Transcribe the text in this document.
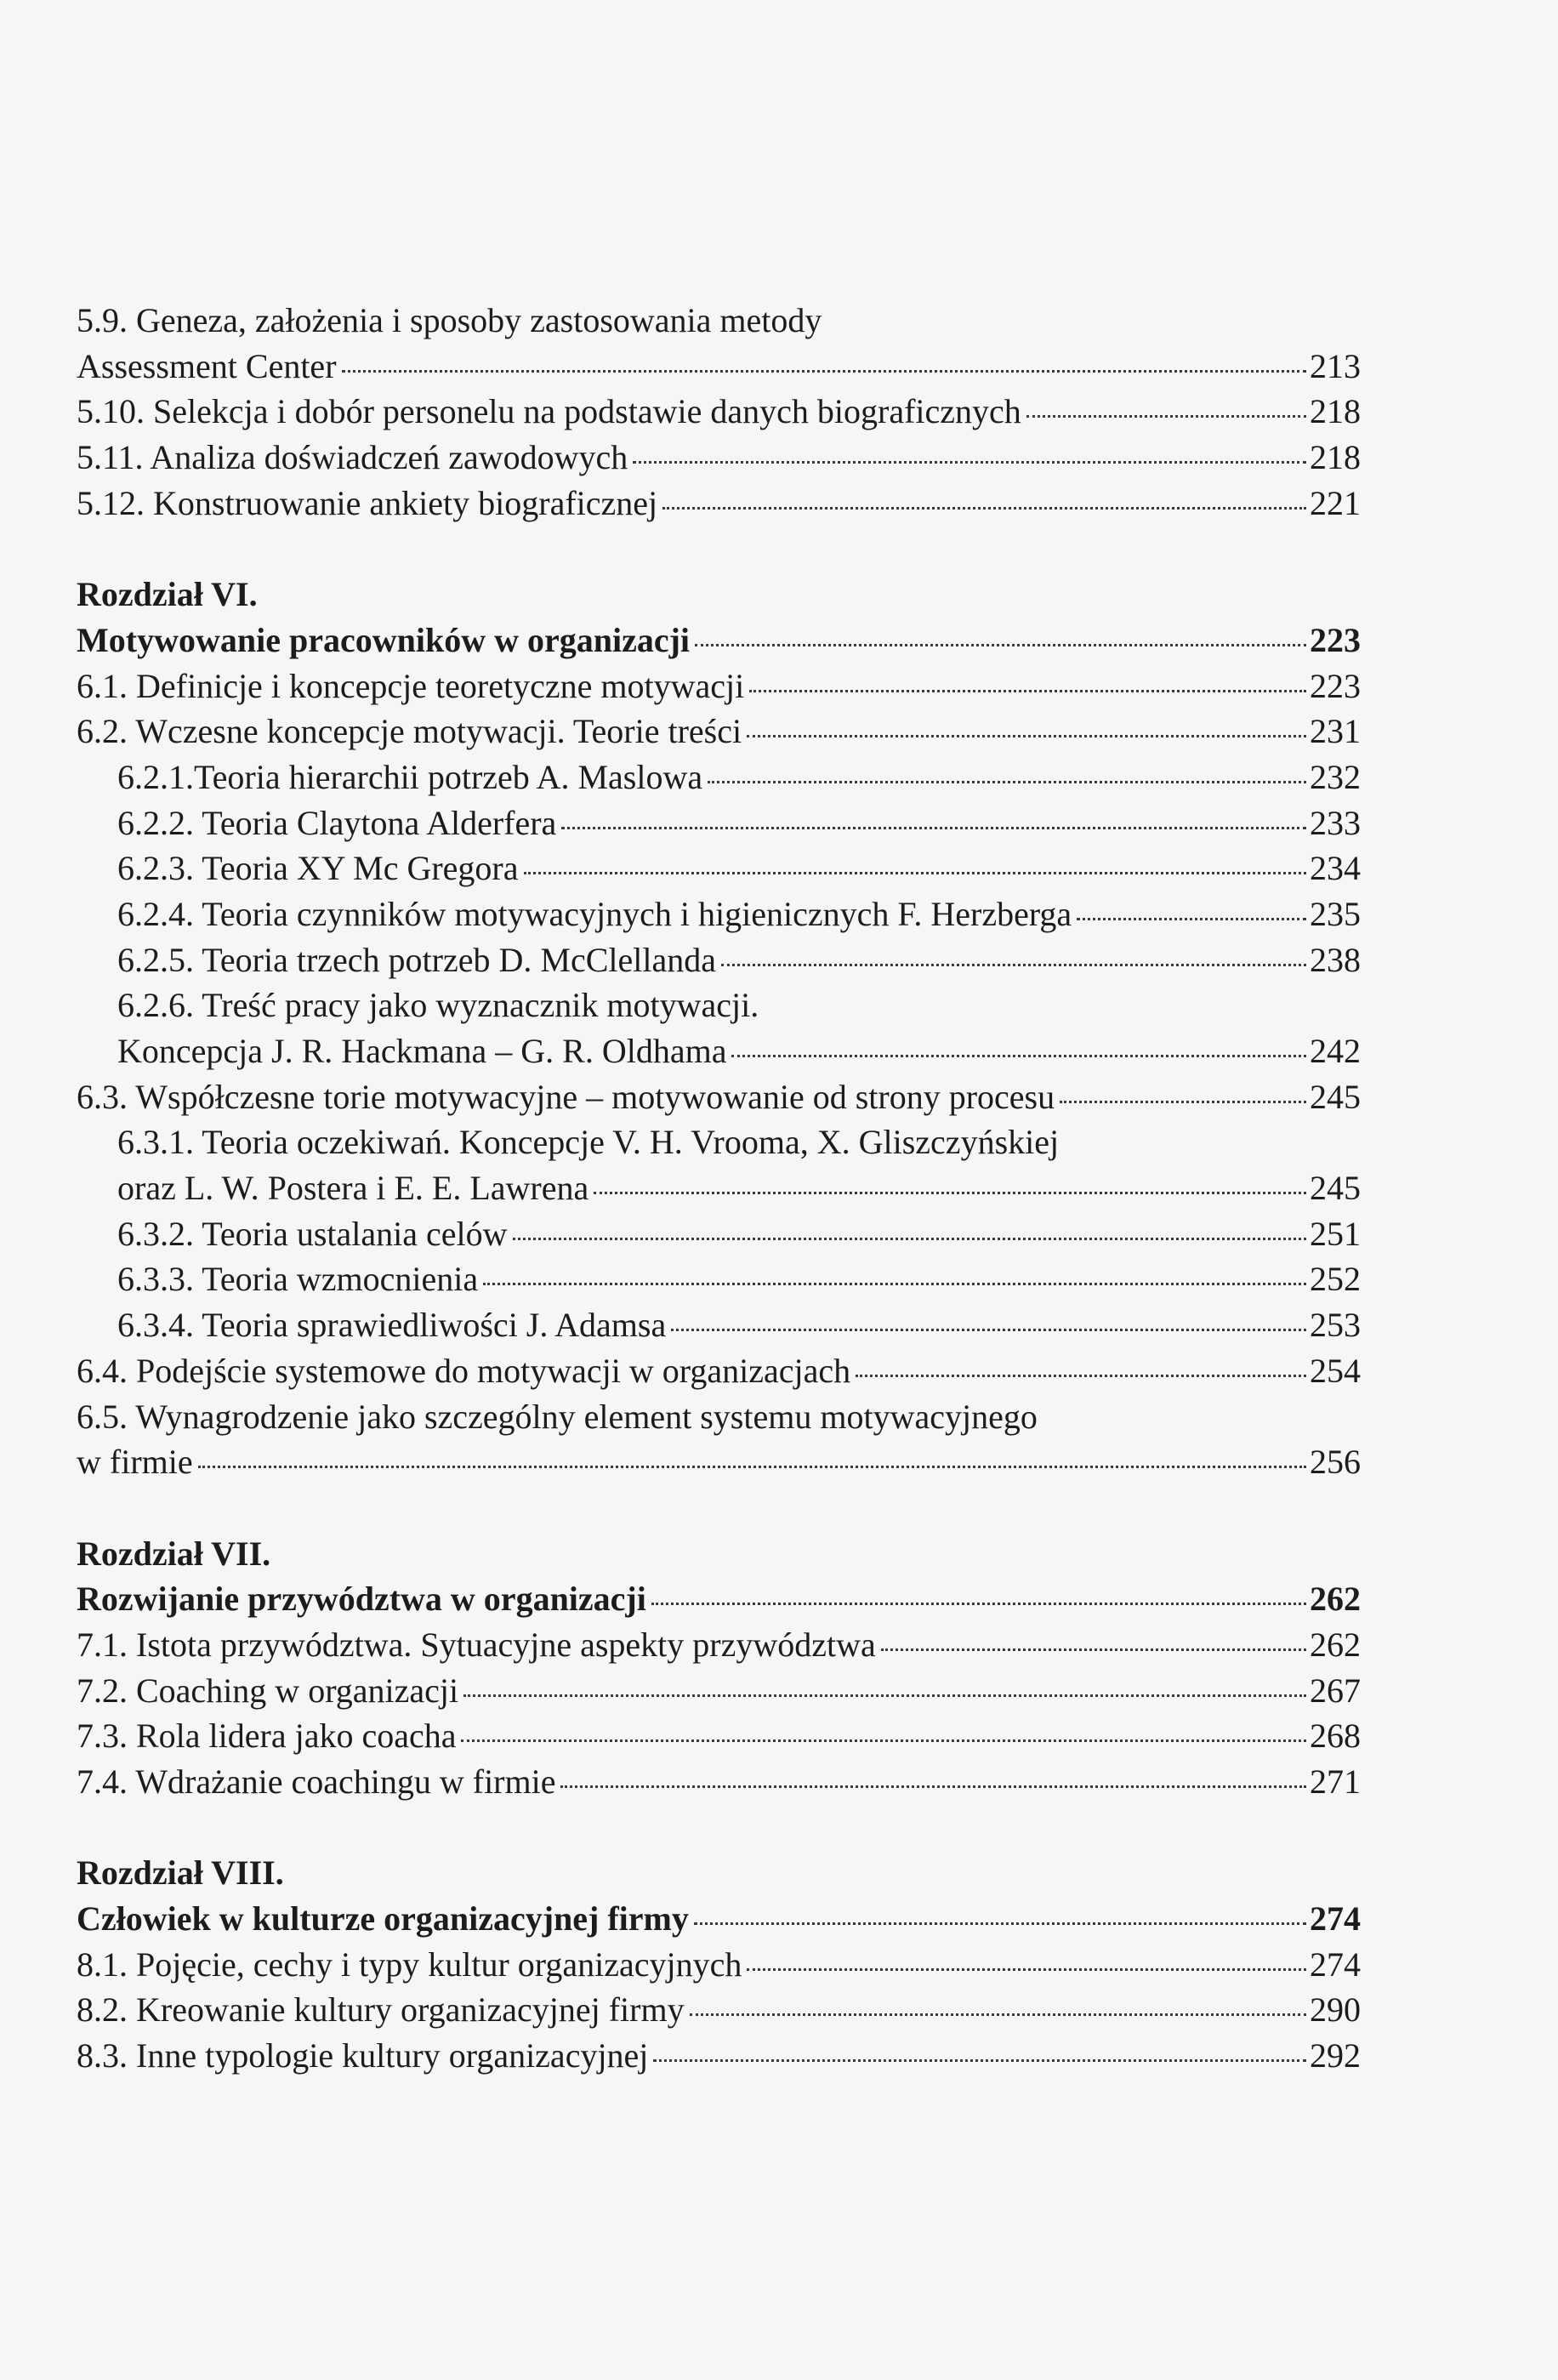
5.9. Geneza, założenia i sposoby zastosowania metody
Assessment Center	213
5.10. Selekcja i dobór personelu na podstawie danych biograficznych	218
5.11. Analiza doświadczeń zawodowych	218
5.12. Konstruowanie ankiety biograficznej	221
Rozdział VI.
Motywowanie pracowników w organizacji	223
6.1. Definicje i koncepcje teoretyczne motywacji	223
6.2. Wczesne koncepcje motywacji. Teorie treści	231
6.2.1.Teoria hierarchii potrzeb A. Maslowa	232
6.2.2. Teoria Claytona Alderfera	233
6.2.3. Teoria XY Mc Gregora	234
6.2.4. Teoria czynników motywacyjnych i higienicznych F. Herzberga	235
6.2.5. Teoria trzech potrzeb D. McClellanda	238
6.2.6. Treść pracy jako wyznacznik motywacji.
Koncepcja J. R. Hackmana – G. R. Oldhama	242
6.3. Współczesne torie motywacyjne – motywowanie od strony procesu	245
6.3.1. Teoria oczekiwań. Koncepcje V. H. Vrooma, X. Gliszczyńskiej
oraz L. W. Postera i E. E. Lawrena	245
6.3.2. Teoria ustalania celów	251
6.3.3. Teoria wzmocnienia	252
6.3.4. Teoria sprawiedliwości J. Adamsa	253
6.4. Podejście systemowe do motywacji w organizacjach	254
6.5. Wynagrodzenie jako szczególny element systemu motywacyjnego
w firmie	256
Rozdział VII.
Rozwijanie przywództwa w organizacji	262
7.1. Istota przywództwa. Sytuacyjne aspekty przywództwa	262
7.2. Coaching w organizacji	267
7.3. Rola lidera jako coacha	268
7.4. Wdrażanie coachingu w firmie	271
Rozdział VIII.
Człowiek w kulturze organizacyjnej firmy	274
8.1. Pojęcie, cechy i typy kultur organizacyjnych	274
8.2. Kreowanie kultury organizacyjnej firmy	290
8.3. Inne typologie kultury organizacyjnej	292
